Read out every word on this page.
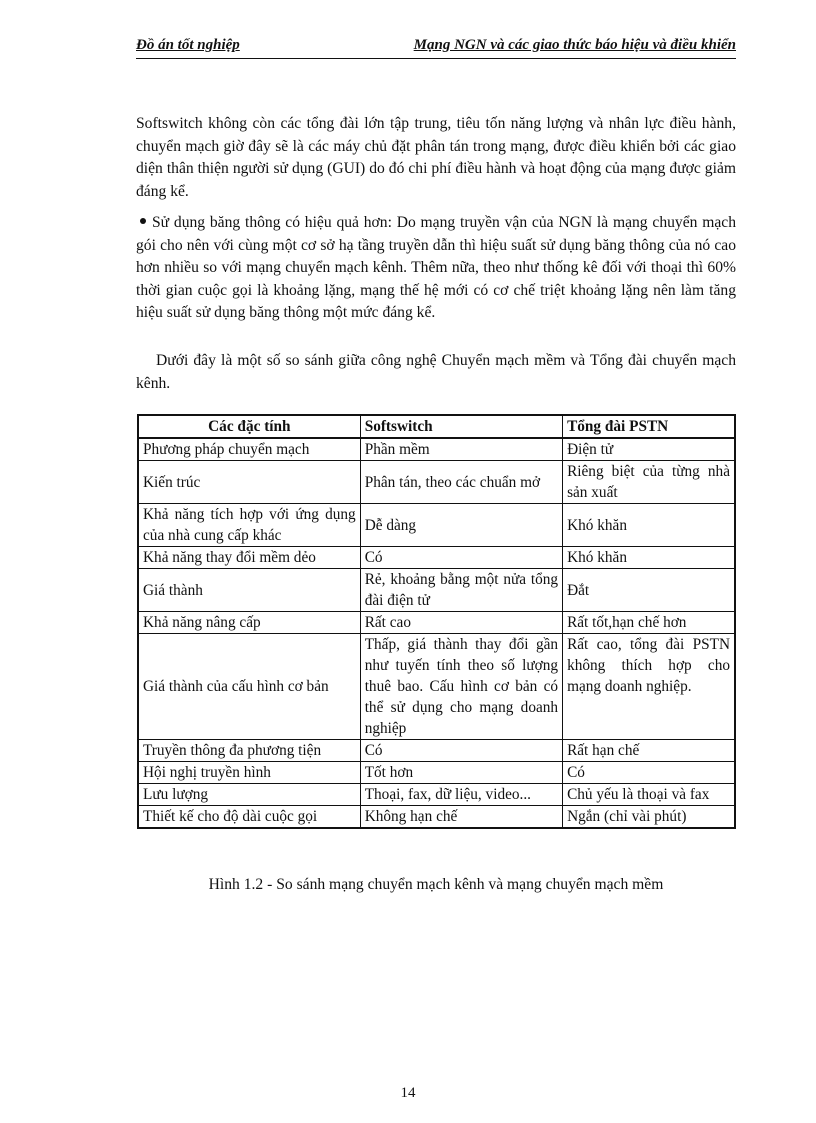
Đồ án tốt nghiệp	Mạng NGN và các giao thức báo hiệu và điều khiển
Softswitch không còn các tổng đài lớn tập trung, tiêu tốn năng lượng và nhân lực điều hành, chuyển mạch giờ đây sẽ là các máy chủ đặt phân tán trong mạng, được điều khiển bởi các giao diện thân thiện người sử dụng (GUI) do đó chi phí điều hành và hoạt động của mạng được giảm đáng kể.
Sử dụng băng thông có hiệu quả hơn: Do mạng truyền vận của NGN là mạng chuyển mạch gói cho nên với cùng một cơ sở hạ tầng truyền dẫn thì hiệu suất sử dụng băng thông của nó cao hơn nhiều so với mạng chuyển mạch kênh. Thêm nữa, theo như thống kê đối với thoại thì 60% thời gian cuộc gọi là khoảng lặng, mạng thế hệ mới có cơ chế triệt khoảng lặng nên làm tăng hiệu suất sử dụng băng thông một mức đáng kể.
Dưới đây là một số so sánh giữa công nghệ Chuyển mạch mềm và Tổng đài chuyển mạch kênh.
Các đặc tính	Softswitch	Tổng đài PSTN
Phương pháp chuyển mạch	Phần mềm	Điện tử
Kiến trúc	Phân tán, theo các chuẩn mở	Riêng biệt của từng nhà sản xuất
Khả năng tích hợp với ứng dụng của nhà cung cấp khác	Dễ dàng	Khó khăn
Khả năng thay đổi mềm dẻo	Có	Khó khăn
Giá thành	Rẻ, khoảng bằng một nửa tổng đài điện tử	Đắt
Khả năng nâng cấp	Rất cao	Rất tốt,hạn chế hơn
Giá thành của cấu hình cơ bản	Thấp, giá thành thay đổi gần như tuyến tính theo số lượng thuê bao. Cấu hình cơ bản có thể sử dụng cho mạng doanh nghiệp	Rất cao, tổng đài PSTN không thích hợp cho mạng doanh nghiệp.
Truyền thông đa phương tiện	Có	Rất hạn chế
Hội nghị truyền hình	Tốt hơn	Có
Lưu lượng	Thoại, fax, dữ liệu, video...	Chủ yếu là thoại và fax
Thiết kế cho độ dài cuộc gọi	Không hạn chế	Ngắn (chỉ vài phút)
Hình 1.2 - So sánh mạng chuyển mạch kênh và mạng chuyển mạch mềm
14
